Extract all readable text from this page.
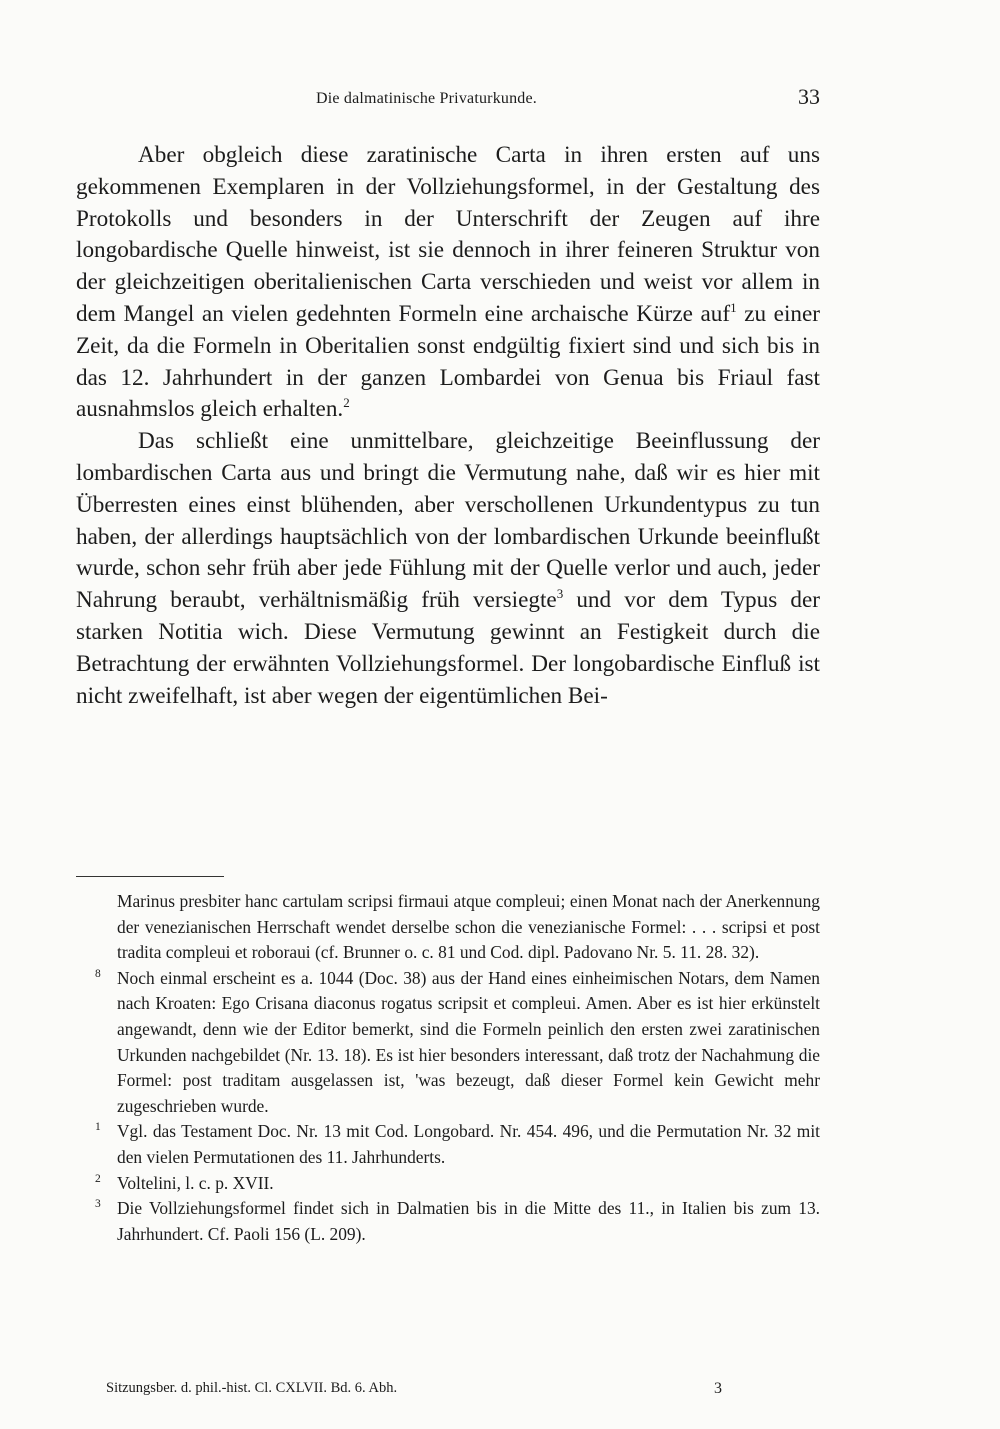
Die dalmatinische Privaturkunde.	33

Aber obgleich diese zaratinische Carta in ihren ersten auf uns gekommenen Exemplaren in der Vollziehungsformel, in der Gestaltung des Protokolls und besonders in der Unterschrift der Zeugen auf ihre longobardische Quelle hinweist, ist sie dennoch in ihrer feineren Struktur von der gleichzeitigen oberitalienischen Carta verschieden und weist vor allem in dem Mangel an vielen gedehnten Formeln eine archaische Kürze auf$^1$ zu einer Zeit, da die Formeln in Oberitalien sonst endgültig fixiert sind und sich bis in das 12. Jahrhundert in der ganzen Lombardei von Genua bis Friaul fast ausnahmslos gleich erhalten.$^2$

Das schließt eine unmittelbare, gleichzeitige Beeinflussung der lombardischen Carta aus und bringt die Vermutung nahe, daß wir es hier mit Überresten eines einst blühenden, aber verschollenen Urkundentypus zu tun haben, der allerdings hauptsächlich von der lombardischen Urkunde beeinflußt wurde, schon sehr früh aber jede Fühlung mit der Quelle verlor und auch, jeder Nahrung beraubt, verhältnismäßig früh versiegte$^3$ und vor dem Typus der starken Notitia wich. Diese Vermutung gewinnt an Festigkeit durch die Betrachtung der erwähnten Vollziehungsformel. Der longobardische Einfluß ist nicht zweifelhaft, ist aber wegen der eigentümlichen Bei-

Marinus presbiter hanc cartulam scripsi firmaui atque compleui; einen Monat nach der Anerkennung der venezianischen Herrschaft wendet derselbe schon die venezianische Formel: . . . scripsi et post tradita compleui et roboraui (cf. Brunner o. c. 81 und Cod. dipl. Padovano Nr. 5. 11. 28. 32).

8 Noch einmal erscheint es a. 1044 (Doc. 38) aus der Hand eines einheimischen Notars, dem Namen nach Kroaten: Ego Crisana diaconus rogatus scripsit et compleui. Amen. Aber es ist hier erkünstelt angewandt, denn wie der Editor bemerkt, sind die Formeln peinlich den ersten zwei zaratinischen Urkunden nachgebildet (Nr. 13. 18). Es ist hier besonders interessant, daß trotz der Nachahmung die Formel: post traditam ausgelassen ist, 'was bezeugt, daß dieser Formel kein Gewicht mehr zugeschrieben wurde.

1 Vgl. das Testament Doc. Nr. 13 mit Cod. Longobard. Nr. 454. 496, und die Permutation Nr. 32 mit den vielen Permutationen des 11. Jahrhunderts.

2 Voltelini, l. c. p. XVII.

3 Die Vollziehungsformel findet sich in Dalmatien bis in die Mitte des 11., in Italien bis zum 13. Jahrhundert. Cf. Paoli 156 (L. 209).

Sitzungsber. d. phil.-hist. Cl. CXLVII. Bd. 6. Abh.	3
